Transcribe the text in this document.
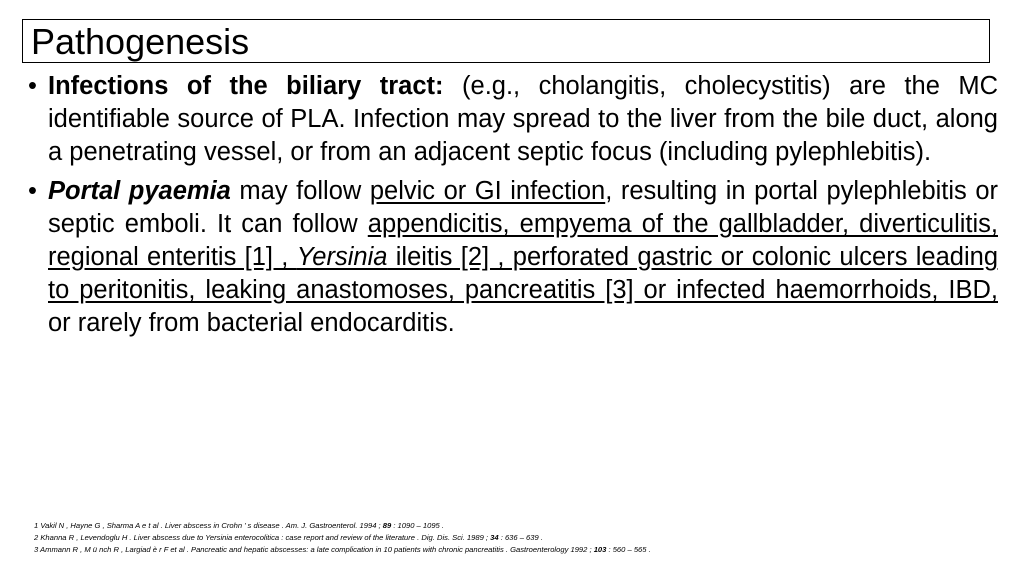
Pathogenesis
• Infections of the biliary tract: (e.g., cholangitis, cholecystitis) are the MC identifiable source of PLA. Infection may spread to the liver from the bile duct, along a penetrating vessel, or from an adjacent septic focus (including pylephlebitis).
• Portal pyaemia may follow pelvic or GI infection, resulting in portal pylephlebitis or septic emboli. It can follow appendicitis, empyema of the gallbladder, diverticulitis, regional enteritis [1] , Yersinia ileitis [2] , perforated gastric or colonic ulcers leading to peritonitis, leaking anastomoses, pancreatitis [3] or infected haemorrhoids, IBD, or rarely from bacterial endocarditis.
1 Vakil N , Hayne G , Sharma A e t al . Liver abscess in Crohn ’ s disease . Am. J. Gastroenterol. 1994 ; 89 : 1090 – 1095 .
2 Khanna R , Levendoglu H . Liver abscess due to Yersinia enterocolitica : case report and review of the literature . Dig. Dis. Sci. 1989 ; 34 : 636 – 639 .
3 Ammann R , M ü nch R , Largiad è r F et al . Pancreatic and hepatic abscesses: a late complication in 10 patients with chronic pancreatitis . Gastroenterology 1992 ; 103 : 560 – 565 .
